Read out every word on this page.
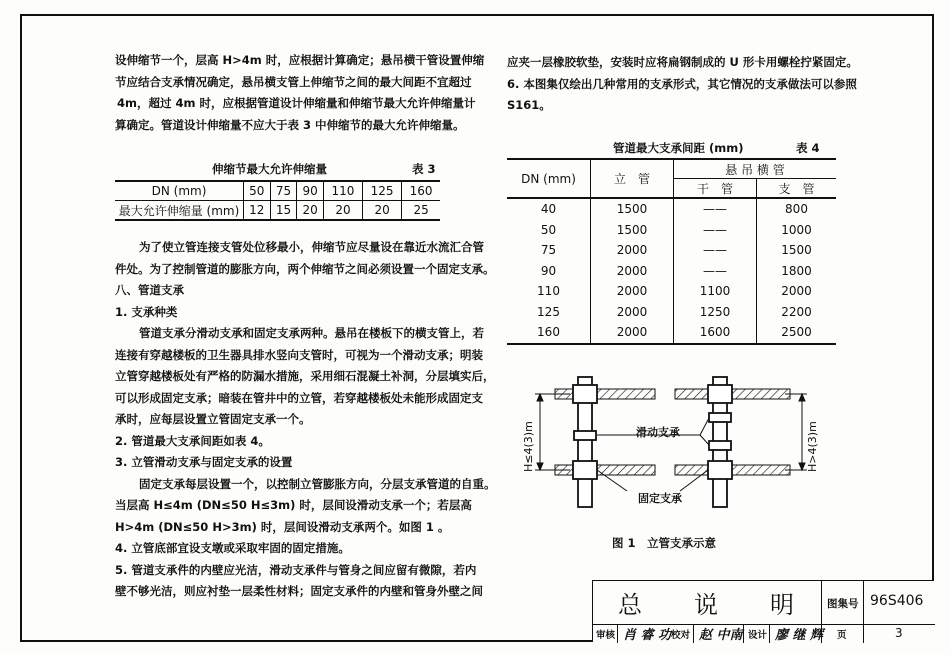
设伸缩节一个，层高 H>4m 时，应根据计算确定；悬吊横干管设置伸缩

节应结合支承情况确定，悬吊横支管上伸缩节之间的最大间距不宜超过

4m，超过 4m 时，应根据管道设计伸缩量和伸缩节最大允许伸缩量计

算确定。管道设计伸缩量不应大于表 3 中伸缩节的最大允许伸缩量。

伸缩节最大允许伸缩量	表 3
DN (mm)	50	75	90	110	125	160
最大允许伸缩量 (mm)	12	15	20	20	20	25

为了使立管连接支管处位移最小，伸缩节应尽量设在靠近水流汇合管

件处。为了控制管道的膨胀方向，两个伸缩节之间必须设置一个固定支承。

八、管道支承

1. 支承种类

管道支承分滑动支承和固定支承两种。悬吊在楼板下的横支管上，若

连接有穿越楼板的卫生器具排水竖向支管时，可视为一个滑动支承；明装

立管穿越楼板处有严格的防漏水措施，采用细石混凝土补洞，分层填实后，

可以形成固定支承；暗装在管井中的立管，若穿越楼板处未能形成固定支

承时，应每层设置立管固定支承一个。

2. 管道最大支承间距如表 4。

3. 立管滑动支承与固定支承的设置

固定支承每层设置一个，以控制立管膨胀方向，分层支承管道的自重。

当层高 H≤4m (DN≤50 H≤3m) 时，层间设滑动支承一个；若层高

H>4m (DN≤50 H>3m) 时，层间设滑动支承两个。如图 1 。

4. 立管底部宜设支墩或采取牢固的固定措施。

5. 管道支承件的内壁应光洁，滑动支承件与管身之间应留有微隙，若内

壁不够光洁，则应衬垫一层柔性材料；固定支承件的内壁和管身外壁之间

应夹一层橡胶软垫，安装时应将扁钢制成的 U 形卡用螺栓拧紧固定。

6. 本图集仅绘出几种常用的支承形式，其它情况的支承做法可以参照

S161。

管道最大支承间距 (mm)	表 4
DN (mm)	立　管	悬 吊 横 管	
		干　管	支　管
40	1500	——	800
50	1500	——	1000
75	2000	——	1500
90	2000	——	1800
110	2000	1100	2000
125	2000	1250	2200
160	2000	1600	2500
滑动支承
固定支承
H≤4(3)m	H>4(3)m
图 1　立管支承示意
总 说 明	图集号 96S406
审核 肖 睿 功 校对 赵 中南 设计 廖 继 辉 页	3
